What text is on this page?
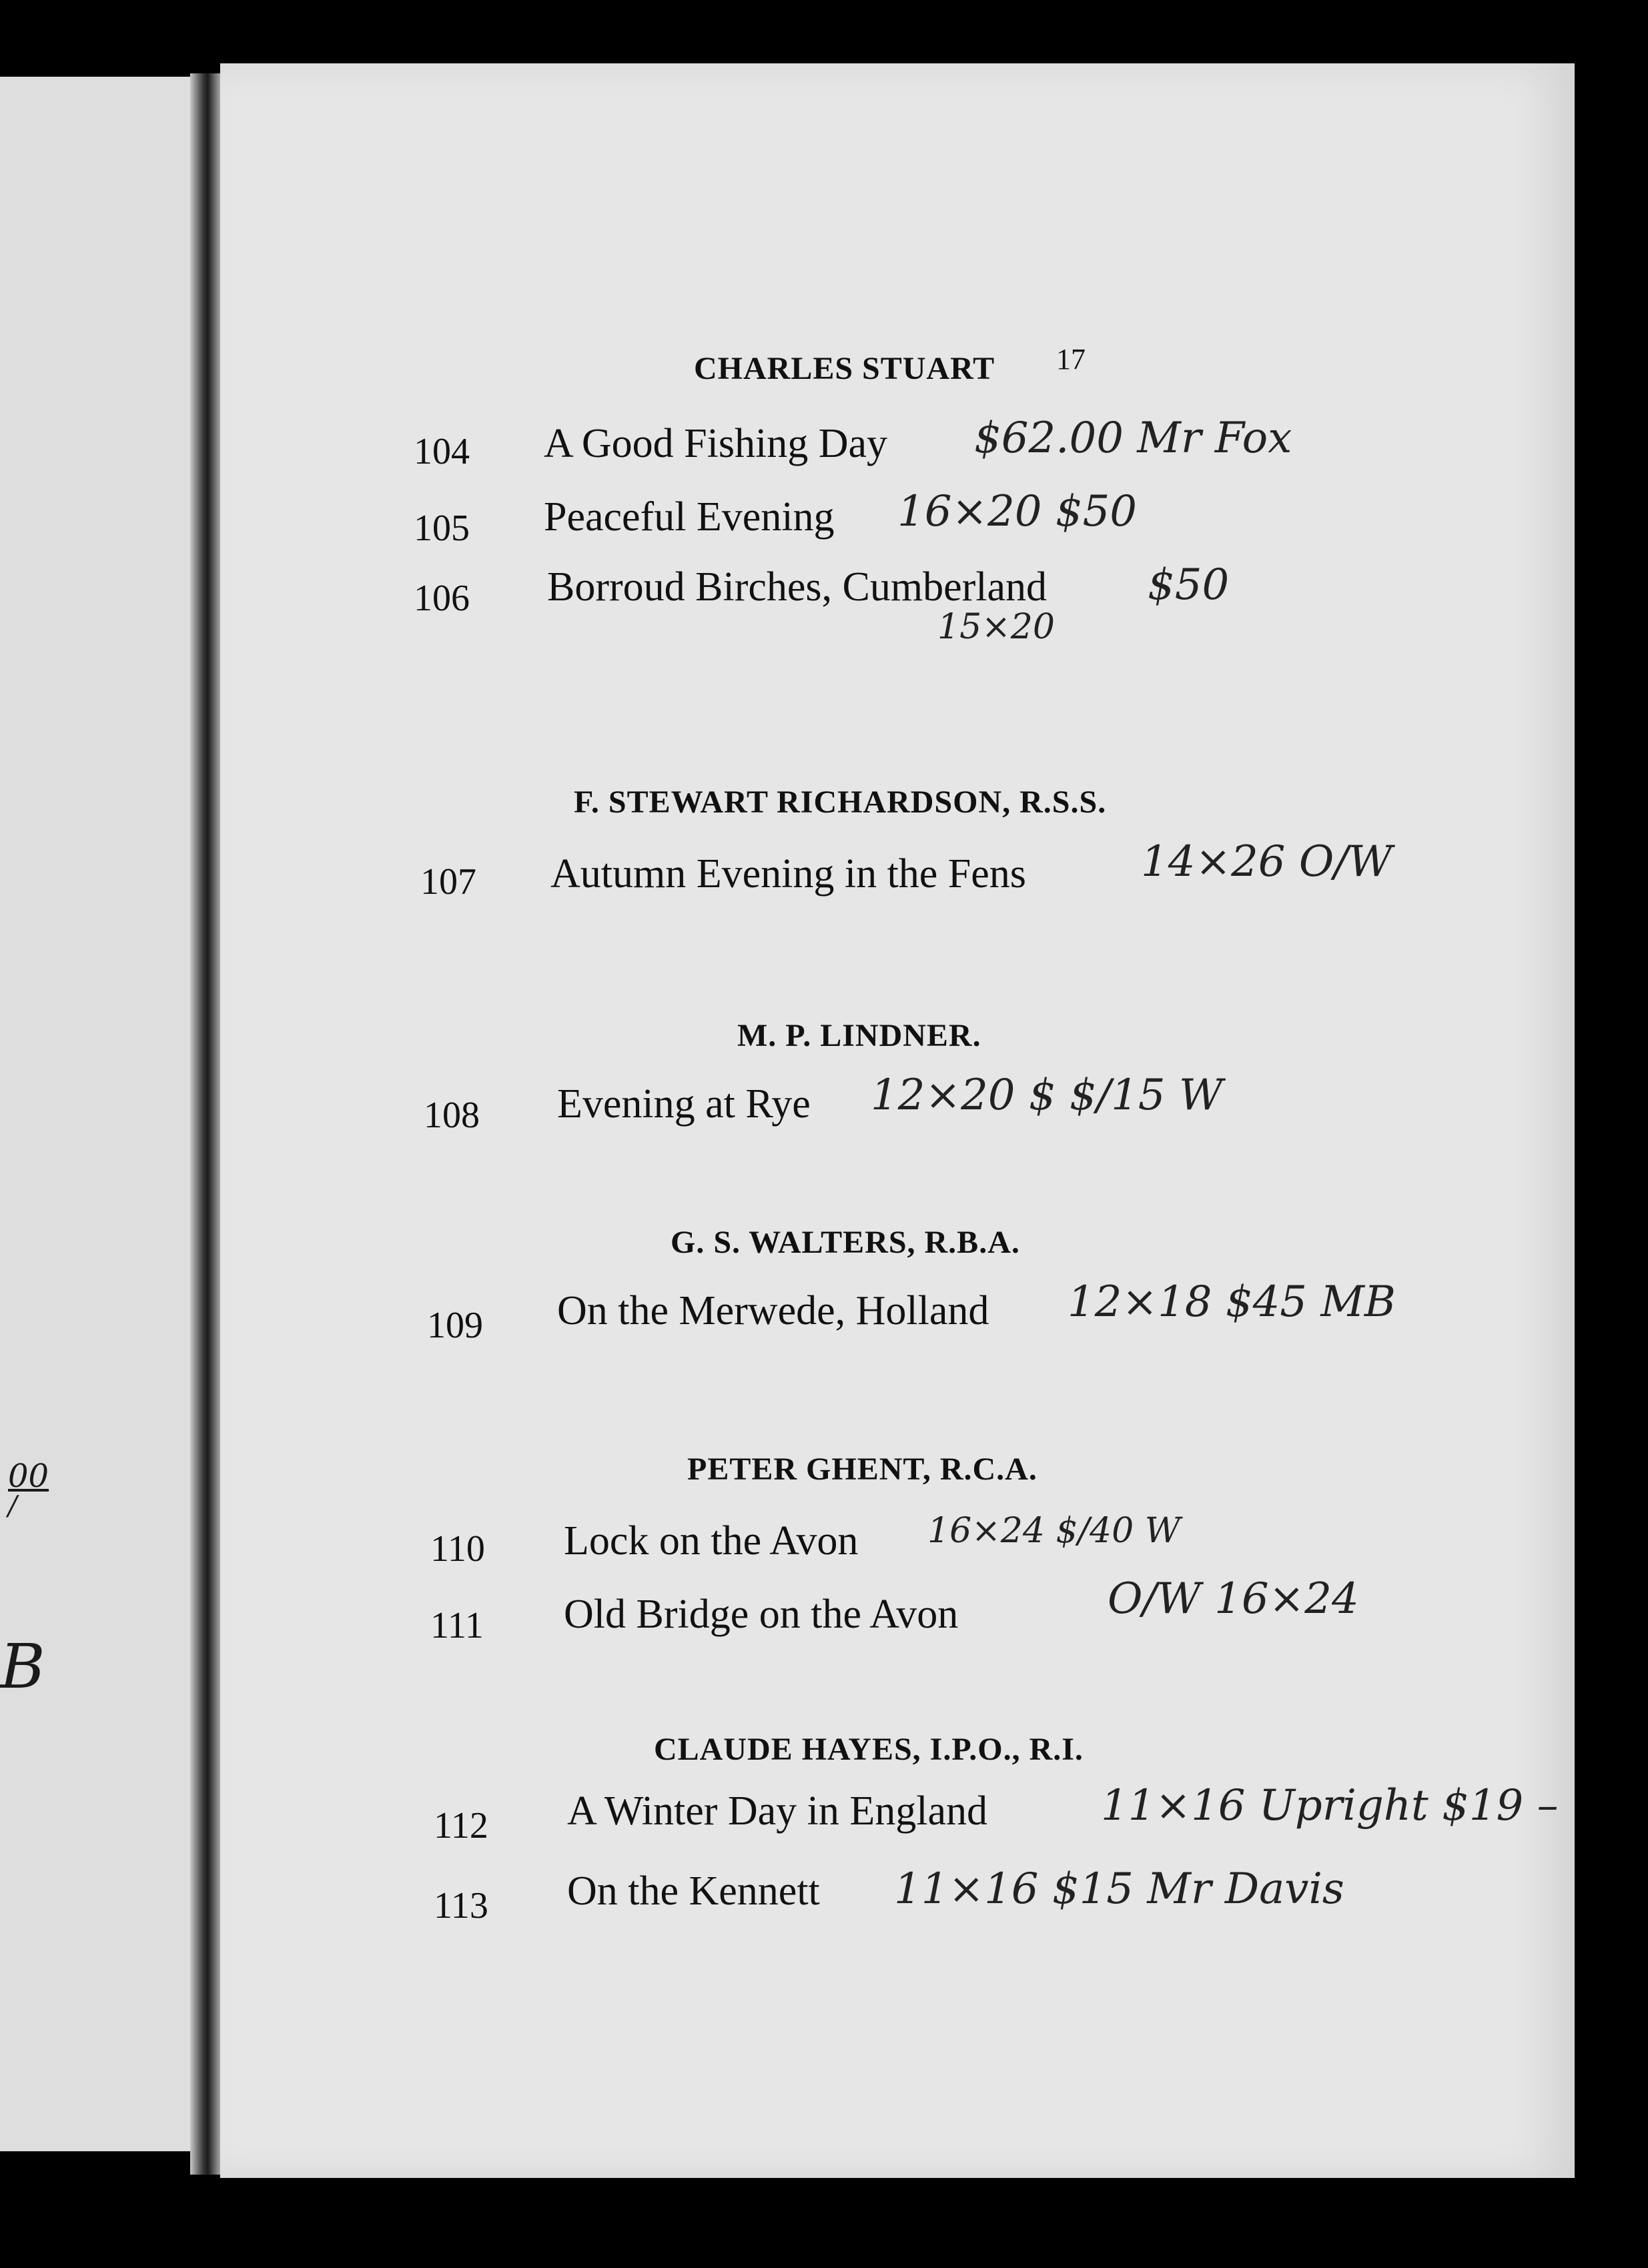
00
/
B
17
CHARLES STUART
104 A Good Fishing Day $62.00 Mr Fox
105 Peaceful Evening 16×20 $50
106 Borroud Birches, Cumberland $50
15×20
F. STEWART RICHARDSON, R.S.S.
107 Autumn Evening in the Fens	14×26 O/W
M. P. LINDNER.
108 Evening at Rye 12×20 $ $/15 W
G. S. WALTERS, R.B.A.
109 On the Merwede, Holland 12×18 $45 MB
PETER GHENT, R.C.A.
110 Lock on the Avon 16×24 $/40 W
111 Old Bridge on the Avon	O/W 16×24
CLAUDE HAYES, I.P.O., R.I.
112 A Winter Day in England	11×16 Upright $19 –
113 On the Kennett 11×16 $15 Mr Davis
